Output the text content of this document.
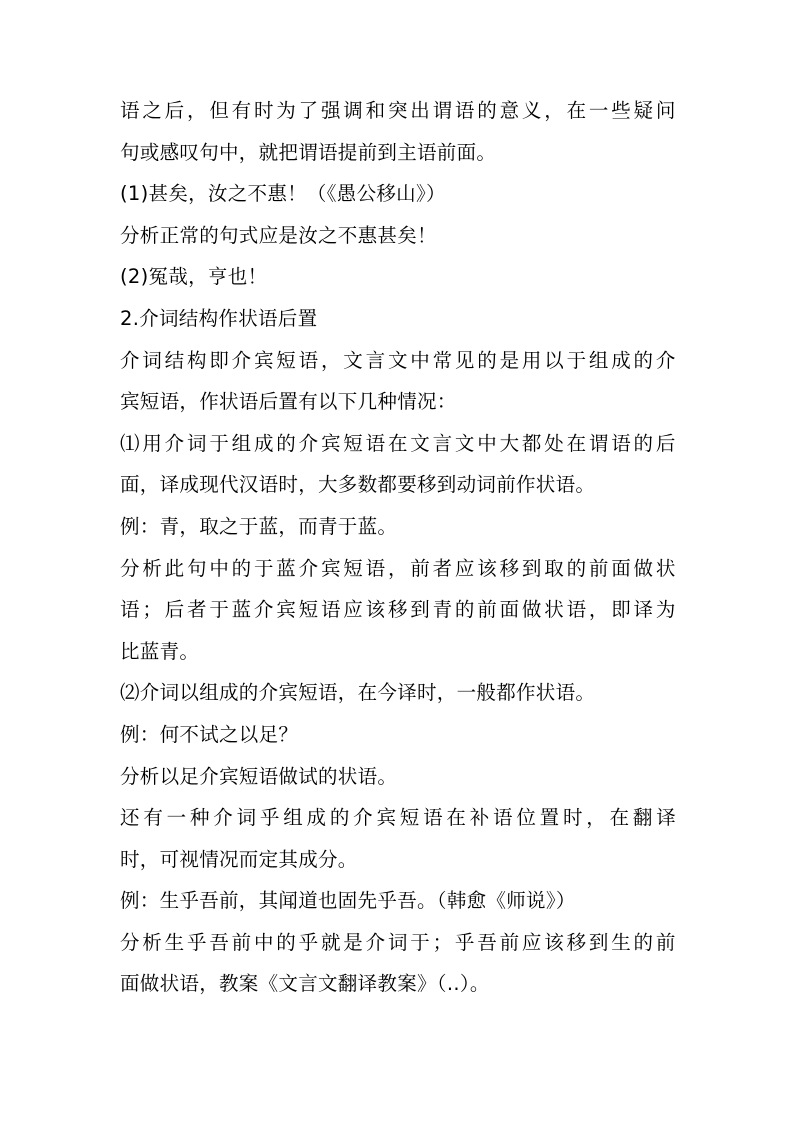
语 之 后 ， 但 有 时 为 了 强 调 和 突 出 谓 语 的 意 义 ， 在 一 些 疑 问
句或感叹句中，就把谓语提前到主语前面。
(1)甚矣，汝之不惠！（《愚公移山》）
分析正常的句式应是汝之不惠甚矣！
(2)冤哉，亨也！
2.介词结构作状语后置
介 词 结 构 即 介 宾 短 语 ， 文 言 文 中 常 见 的 是 用 以 于 组 成 的 介
宾短语，作状语后置有以下几种情况：
⑴ 用 介 词 于 组 成 的 介 宾 短 语 在 文 言 文 中 大 都 处 在 谓 语 的 后
面，译成现代汉语时，大多数都要移到动词前作状语。
例：青，取之于蓝，而青于蓝。
分 析 此 句 中 的 于 蓝 介 宾 短 语 ， 前 者 应 该 移 到 取 的 前 面 做 状
语 ； 后 者 于 蓝 介 宾 短 语 应 该 移 到 青 的 前 面 做 状 语 ， 即 译 为
比蓝青。
⑵介词以组成的介宾短语，在今译时，一般都作状语。
例：何不试之以足？
分析以足介宾短语做试的状语。
还 有 一 种 介 词 乎 组 成 的 介 宾 短 语 在 补 语 位 置 时 ， 在 翻 译
时，可视情况而定其成分。
例：生乎吾前，其闻道也固先乎吾。（韩愈《师说》）
分 析 生 乎 吾 前 中 的 乎 就 是 介 词 于 ； 乎 吾 前 应 该 移 到 生 的 前
面做状语，教案《文言文翻译教案》（..）。
